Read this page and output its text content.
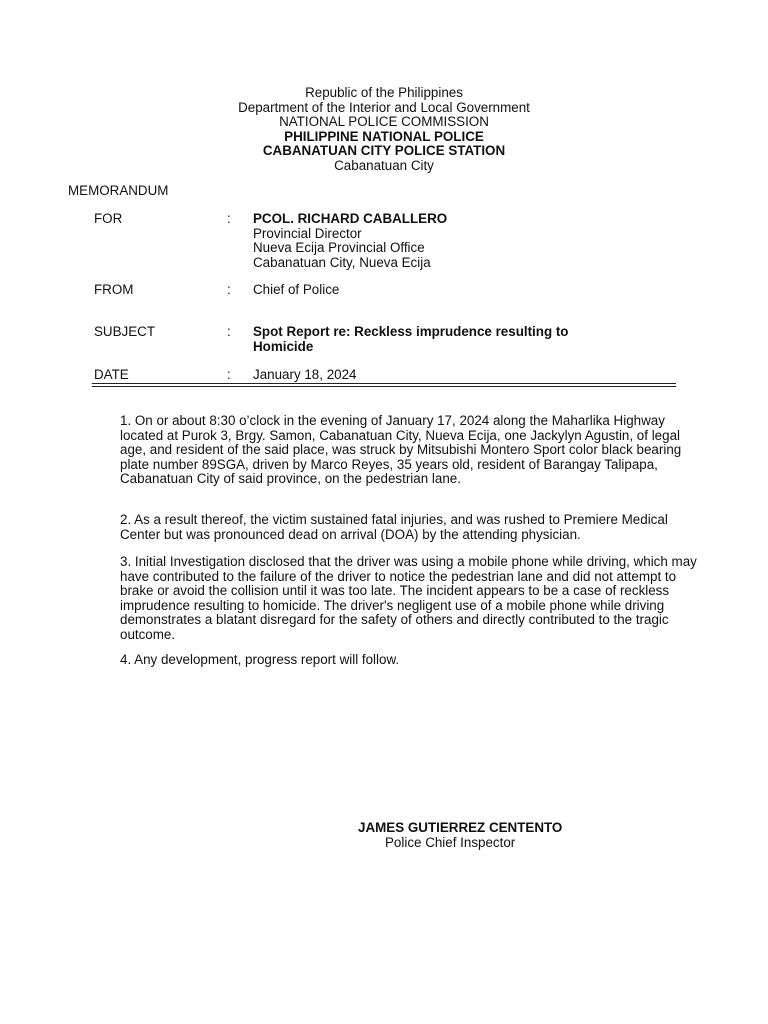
Republic of the Philippines
Department of the Interior and Local Government
NATIONAL POLICE COMMISSION
PHILIPPINE NATIONAL POLICE
CABANATUAN CITY POLICE STATION
Cabanatuan City
MEMORANDUM
FOR	: PCOL. RICHARD CABALLERO
Provincial Director
Nueva Ecija Provincial Office
Cabanatuan City, Nueva Ecija
FROM	: Chief of Police
SUBJECT	: Spot Report re: Reckless imprudence resulting to
Homicide
DATE	: January 18, 2024

1. On or about 8:30 o’clock in the evening of January 17, 2024 along the Maharlika Highway located at Purok 3, Brgy. Samon, Cabanatuan City, Nueva Ecija, one Jackylyn Agustin, of legal age, and resident of the said place, was struck by Mitsubishi Montero Sport color black bearing plate number 89SGA, driven by Marco Reyes, 35 years old, resident of Barangay Talipapa, Cabanatuan City of said province, on the pedestrian lane.

2. As a result thereof, the victim sustained fatal injuries, and was rushed to Premiere Medical Center but was pronounced dead on arrival (DOA) by the attending physician.

3. Initial Investigation disclosed that the driver was using a mobile phone while driving, which may have contributed to the failure of the driver to notice the pedestrian lane and did not attempt to brake or avoid the collision until it was too late. The incident appears to be a case of reckless imprudence resulting to homicide. The driver's negligent use of a mobile phone while driving demonstrates a blatant disregard for the safety of others and directly contributed to the tragic outcome.

4. Any development, progress report will follow.

JAMES GUTIERREZ CENTENTO
Police Chief Inspector
